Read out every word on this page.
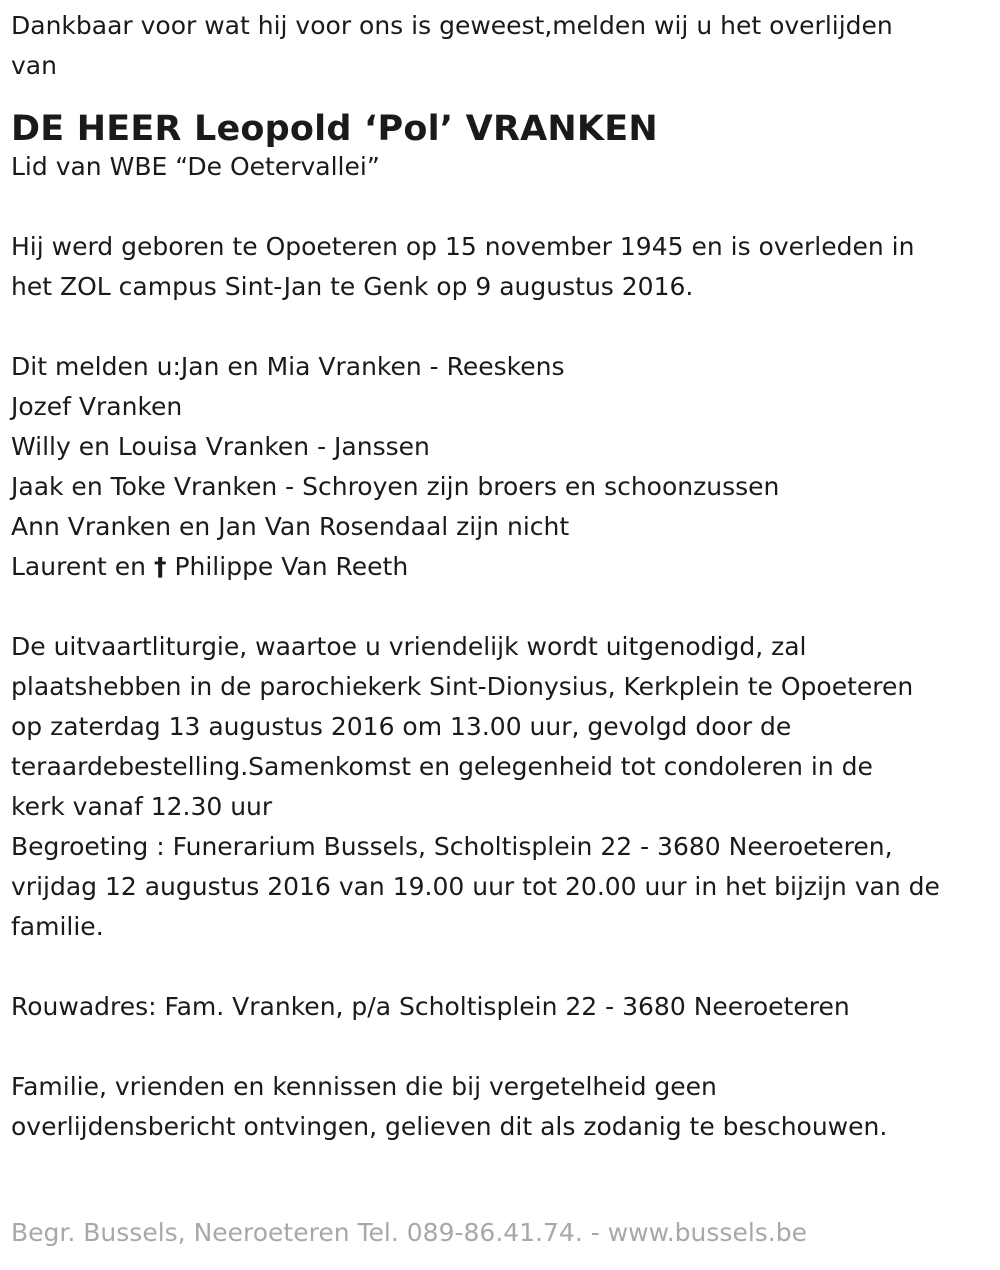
Dankbaar voor wat hij voor ons is geweest,melden wij u het overlijden
van
DE HEER Leopold ‘Pol’ VRANKEN
Lid van WBE “De Oetervallei”
Hij werd geboren te Opoeteren op 15 november 1945 en is overleden in
het ZOL campus Sint-Jan te Genk op 9 augustus 2016.
Dit melden u:Jan en Mia Vranken - Reeskens
Jozef Vranken
Willy en Louisa Vranken - Janssen
Jaak en Toke Vranken - Schroyen zijn broers en schoonzussen
Ann Vranken en Jan Van Rosendaal zijn nicht
Laurent en † Philippe Van Reeth
De uitvaartliturgie, waartoe u vriendelijk wordt uitgenodigd, zal
plaatshebben in de parochiekerk Sint-Dionysius, Kerkplein te Opoeteren
op zaterdag 13 augustus 2016 om 13.00 uur, gevolgd door de
teraardebestelling.Samenkomst en gelegenheid tot condoleren in de
kerk vanaf 12.30 uur
Begroeting : Funerarium Bussels, Scholtisplein 22 - 3680 Neeroeteren,
vrijdag 12 augustus 2016 van 19.00 uur tot 20.00 uur in het bijzijn van de
familie.
Rouwadres: Fam. Vranken, p/a Scholtisplein 22 - 3680 Neeroeteren
Familie, vrienden en kennissen die bij vergetelheid geen
overlijdensbericht ontvingen, gelieven dit als zodanig te beschouwen.
Begr. Bussels, Neeroeteren Tel. 089-86.41.74. - www.bussels.be
